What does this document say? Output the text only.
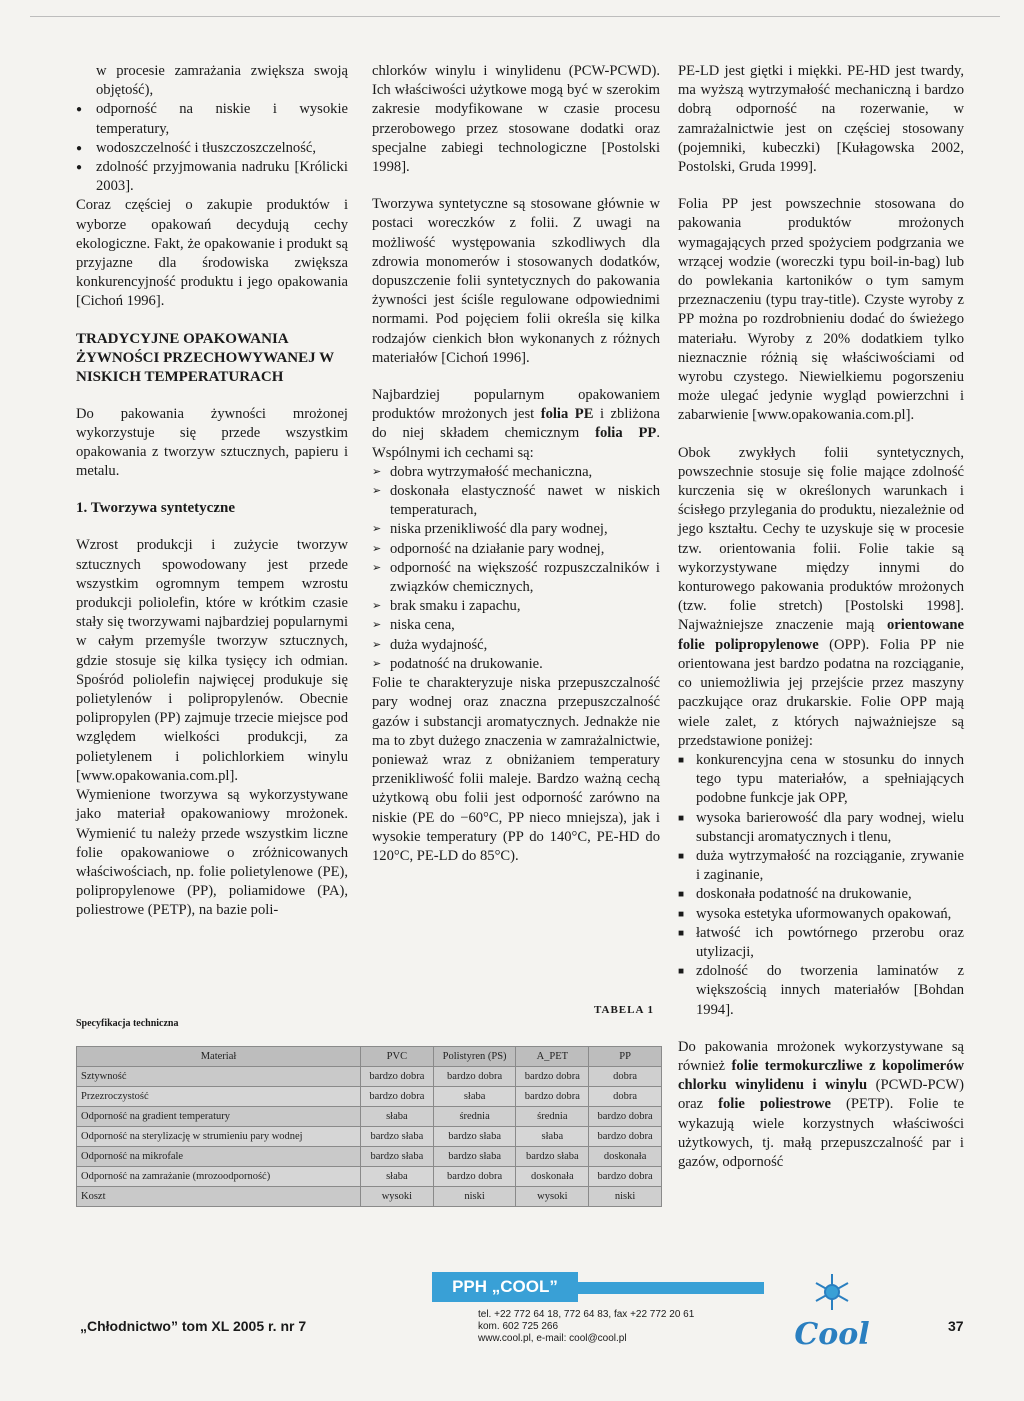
w procesie zamrażania zwiększa swoją objętość),

● odporność na niskie i wysokie temperatury,
● wodoszczelność i tłuszczoszczelność,
● zdolność przyjmowania nadruku [Królicki 2003].

Coraz częściej o zakupie produktów i wyborze opakowań decydują cechy ekologiczne. Fakt, że opakowanie i produkt są przyjazne dla środowiska zwiększa konkurencyjność produktu i jego opakowania [Cichoń 1996].

TRADYCYJNE OPAKOWANIA ŻYWNOŚCI PRZECHOWYWANEJ W NISKICH TEMPERATURACH

Do pakowania żywności mrożonej wykorzystuje się przede wszystkim opakowania z tworzyw sztucznych, papieru i metalu.

1. Tworzywa syntetyczne

Wzrost produkcji i zużycie tworzyw sztucznych spowodowany jest przede wszystkim ogromnym tempem wzrostu produkcji poliolefin, które w krótkim czasie stały się tworzywami najbardziej popularnymi w całym przemyśle tworzyw sztucznych, gdzie stosuje się kilka tysięcy ich odmian. Spośród poliolefin najwięcej produkuje się polietylenów i polipropylenów. Obecnie polipropylen (PP) zajmuje trzecie miejsce pod względem wielkości produkcji, za polietylenem i polichlorkiem winylu [www.opakowania.com.pl].

Wymienione tworzywa są wykorzystywane jako materiał opakowaniowy mrożonek. Wymienić tu należy przede wszystkim liczne folie opakowaniowe o zróżnicowanych właściwościach, np. folie polietylenowe (PE), polipropylenowe (PP), poliamidowe (PA), poliestrowe (PETP), na bazie poli-

chlorków winylu i winylidenu (PCW-PCWD). Ich właściwości użytkowe mogą być w szerokim zakresie modyfikowane w czasie procesu przerobowego przez stosowane dodatki oraz specjalne zabiegi technologiczne [Postolski 1998].

Tworzywa syntetyczne są stosowane głównie w postaci woreczków z folii. Z uwagi na możliwość występowania szkodliwych dla zdrowia monomerów i stosowanych dodatków, dopuszczenie folii syntetycznych do pakowania żywności jest ściśle regulowane odpowiednimi normami. Pod pojęciem folii określa się kilka rodzajów cienkich błon wykonanych z różnych materiałów [Cichoń 1996].

Najbardziej popularnym opakowaniem produktów mrożonych jest folia PE i zbliżona do niej składem chemicznym folia PP. Wspólnymi ich cechami są:

➢ dobra wytrzymałość mechaniczna,
➢ doskonała elastyczność nawet w niskich temperaturach,
➢ niska przenikliwość dla pary wodnej,
➢ odporność na działanie pary wodnej,
➢ odporność na większość rozpuszczalników i związków chemicznych,
➢ brak smaku i zapachu,
➢ niska cena,
➢ duża wydajność,
➢ podatność na drukowanie.

Folie te charakteryzuje niska przepuszczalność pary wodnej oraz znaczna przepuszczalność gazów i substancji aromatycznych. Jednakże nie ma to zbyt dużego znaczenia w zamrażalnictwie, ponieważ wraz z obniżaniem temperatury przenikliwość folii maleje. Bardzo ważną cechą użytkową obu folii jest odporność zarówno na niskie (PE do −60°C, PP nieco mniejsza), jak i wysokie temperatury (PP do 140°C, PE-HD do 120°C, PE-LD do 85°C).

PE-LD jest giętki i miękki. PE-HD jest twardy, ma wyższą wytrzymałość mechaniczną i bardzo dobrą odporność na rozerwanie, w zamrażalnictwie jest on częściej stosowany (pojemniki, kubeczki) [Kułagowska 2002, Postolski, Gruda 1999].

Folia PP jest powszechnie stosowana do pakowania produktów mrożonych wymagających przed spożyciem podgrzania we wrzącej wodzie (woreczki typu boil-in-bag) lub do powlekania kartoników o tym samym przeznaczeniu (typu tray-title). Czyste wyroby z PP można po rozdrobnieniu dodać do świeżego materiału. Wyroby z 20% dodatkiem tylko nieznacznie różnią się właściwościami od wyrobu czystego. Niewielkiemu pogorszeniu może ulegać jedynie wygląd powierzchni i zabarwienie [www.opakowania.com.pl].

Obok zwykłych folii syntetycznych, powszechnie stosuje się folie mające zdolność kurczenia się w określonych warunkach i ścisłego przylegania do produktu, niezależnie od jego kształtu. Cechy te uzyskuje się w procesie tzw. orientowania folii. Folie takie są wykorzystywane między innymi do konturowego pakowania produktów mrożonych (tzw. folie stretch) [Postolski 1998]. Najważniejsze znaczenie mają orientowane folie polipropylenowe (OPP). Folia PP nie orientowana jest bardzo podatna na rozciąganie, co uniemożliwia jej przejście przez maszyny paczkujące oraz drukarskie. Folie OPP mają wiele zalet, z których najważniejsze są przedstawione poniżej:

■ konkurencyjna cena w stosunku do innych tego typu materiałów, a spełniających podobne funkcje jak OPP,
■ wysoka barierowość dla pary wodnej, wielu substancji aromatycznych i tlenu,
■ duża wytrzymałość na rozciąganie, zrywanie i zaginanie,
■ doskonała podatność na drukowanie,
■ wysoka estetyka uformowanych opakowań,
■ łatwość ich powtórnego przerobu oraz utylizacji,
■ zdolność do tworzenia laminatów z większością innych materiałów [Bohdan 1994].

Do pakowania mrożonek wykorzystywane są również folie termokurczliwe z kopolimerów chlorku winylidenu i winylu (PCWD-PCW) oraz folie poliestrowe (PETP). Folie te wykazują wiele korzystnych właściwości użytkowych, tj. małą przepuszczalność par i gazów, odporność

TABELA 1
Specyfikacja techniczna
Materiał	PVC	Polistyren (PS)	A_PET	PP
Sztywność	bardzo dobra	bardzo dobra	bardzo dobra	dobra
Przezroczystość	bardzo dobra	słaba	bardzo dobra	dobra
Odporność na gradient temperatury	słaba	średnia	średnia	bardzo dobra
Odporność na sterylizację w strumieniu pary wodnej	bardzo słaba	bardzo słaba	słaba	bardzo dobra
Odporność na mikrofale	bardzo słaba	bardzo słaba	bardzo słaba	doskonała
Odporność na zamrażanie (mrozoodporność)	słaba	bardzo dobra	doskonała	bardzo dobra
Koszt	wysoki	niski	wysoki	niski
„Chłodnictwo” tom XL 2005 r. nr 7
PPH „COOL”
tel. +22 772 64 18, 772 64 83, fax +22 772 20 61
kom. 602 725 266
www.cool.pl, e-mail: cool@cool.pl	Cool	37
